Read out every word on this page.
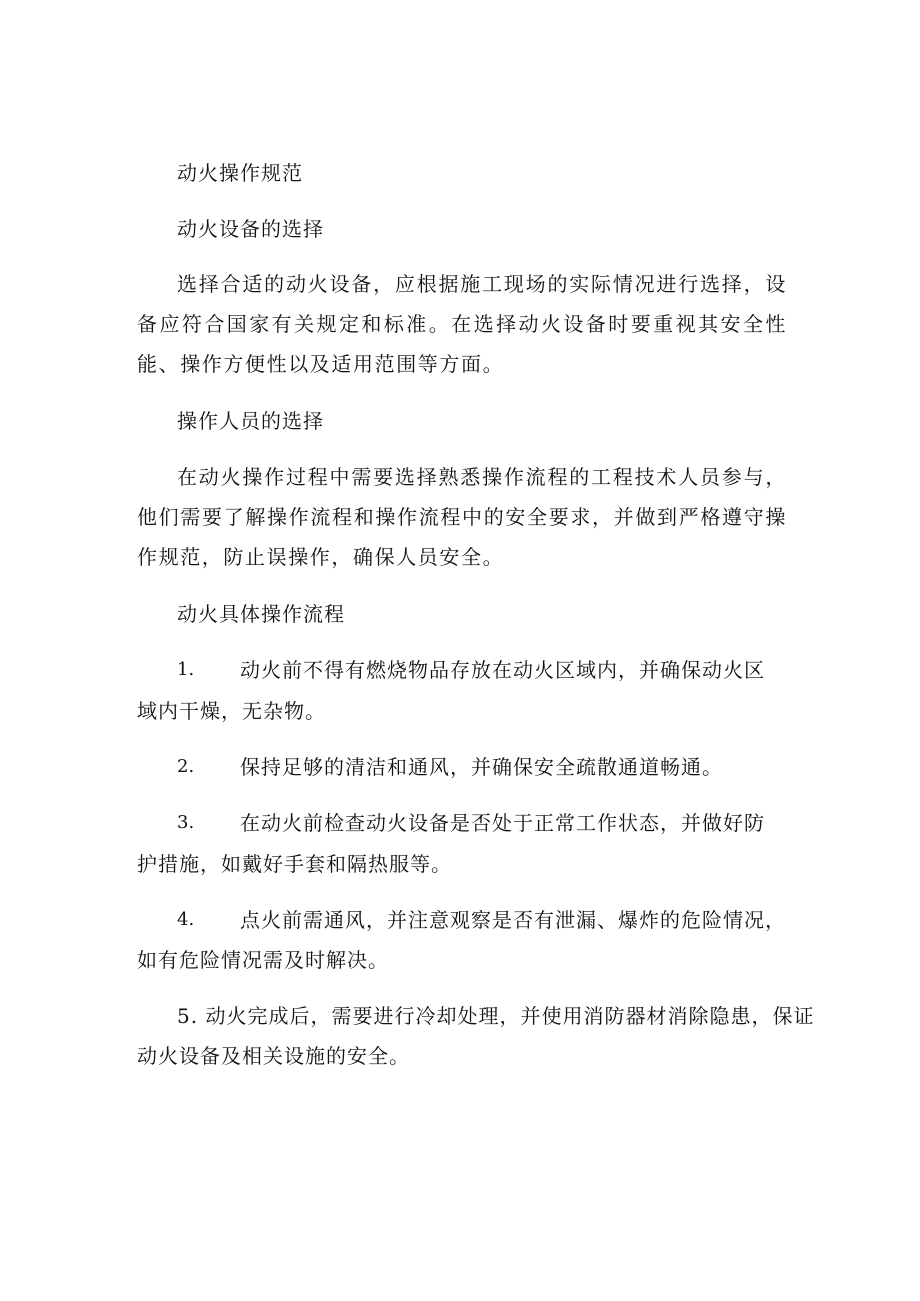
动火操作规范
动火设备的选择
选择合适的动火设备，应根据施工现场的实际情况进行选择，设备应符合国家有关规定和标准。在选择动火设备时要重视其安全性能、操作方便性以及适用范围等方面。
操作人员的选择
在动火操作过程中需要选择熟悉操作流程的工程技术人员参与，他们需要了解操作流程和操作流程中的安全要求，并做到严格遵守操作规范，防止误操作，确保人员安全。
动火具体操作流程
1. 动火前不得有燃烧物品存放在动火区域内，并确保动火区
域内干燥，无杂物。
2. 保持足够的清洁和通风，并确保安全疏散通道畅通。
3. 在动火前检查动火设备是否处于正常工作状态，并做好防
护措施，如戴好手套和隔热服等。
4. 点火前需通风，并注意观察是否有泄漏、爆炸的危险情况，
如有危险情况需及时解决。
5. 动火完成后，需要进行冷却处理，并使用消防器材消除隐患，保证
动火设备及相关设施的安全。
